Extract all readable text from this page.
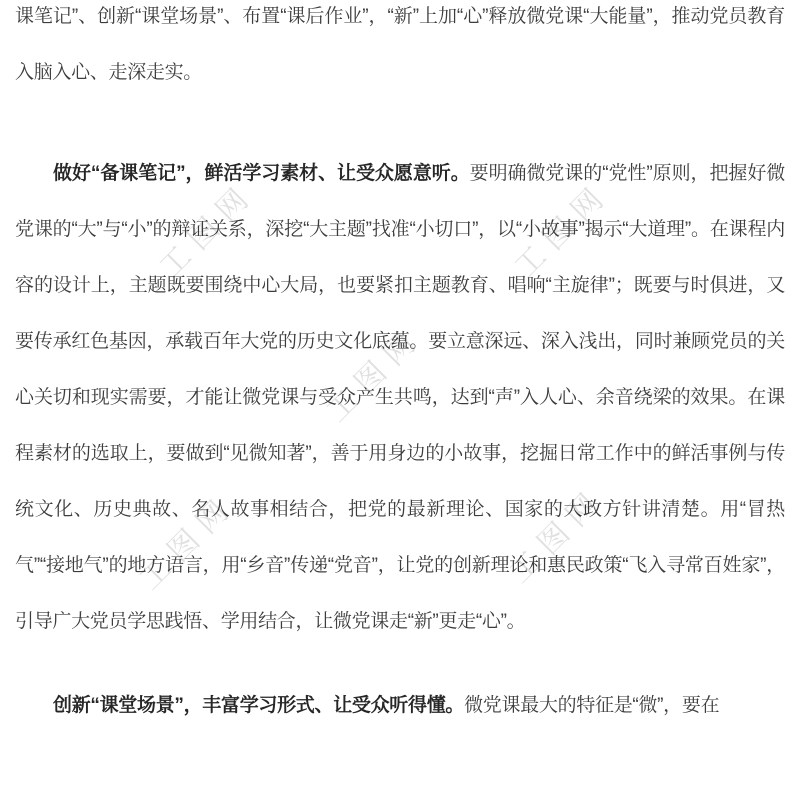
工图网	工图网
工图网
工图网	工图网

课笔记”、创新“课堂场景”、布置“课后作业”，“新”上加“心”释放微党课“大能量”，推动党员教育入脑入心、走深走实。

做好“备课笔记”，鲜活学习素材、让受众愿意听。要明确微党课的“党性”原则，把握好微党课的“大”与“小”的辩证关系，深挖“大主题”找准“小切口”，以“小故事”揭示“大道理”。在课程内容的设计上，主题既要围绕中心大局，也要紧扣主题教育、唱响“主旋律”；既要与时俱进，又要传承红色基因，承载百年大党的历史文化底蕴。要立意深远、深入浅出，同时兼顾党员的关心关切和现实需要，才能让微党课与受众产生共鸣，达到“声”入人心、余音绕梁的效果。在课程素材的选取上，要做到“见微知著”，善于用身边的小故事，挖掘日常工作中的鲜活事例与传统文化、历史典故、名人故事相结合，把党的最新理论、国家的大政方针讲清楚。用“冒热气”“接地气”的地方语言，用“乡音”传递“党音”，让党的创新理论和惠民政策“飞入寻常百姓家”，引导广大党员学思践悟、学用结合，让微党课走“新”更走“心”。

创新“课堂场景”，丰富学习形式、让受众听得懂。微党课最大的特征是“微”，要在
